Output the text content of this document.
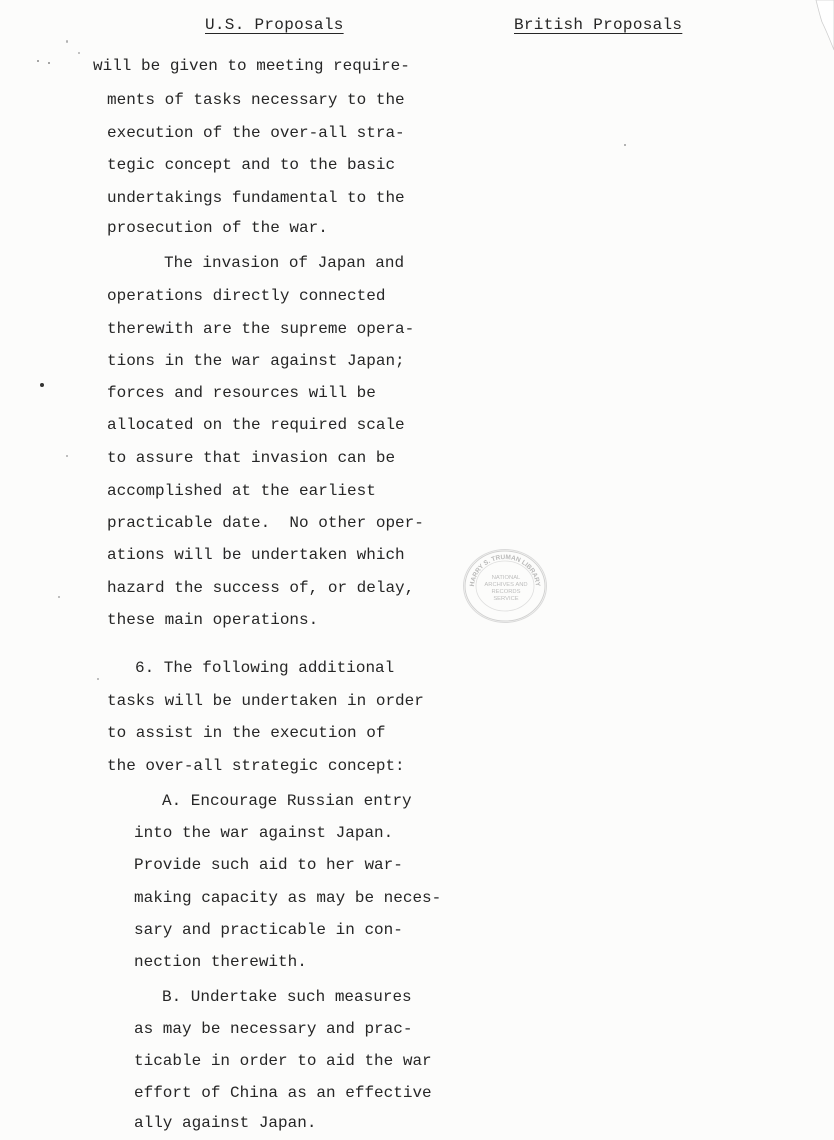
U.S. Proposals	British Proposals
will be given to meeting require-
ments of tasks necessary to the
execution of the over-all stra-
tegic concept and to the basic
undertakings fundamental to the
prosecution of the war.
The invasion of Japan and
operations directly connected
therewith are the supreme opera-
tions in the war against Japan;
forces and resources will be
allocated on the required scale
to assure that invasion can be
accomplished at the earliest
practicable date.  No other oper-
ations will be undertaken which
hazard the success of, or delay,
these main operations.
6. The following additional
tasks will be undertaken in order
to assist in the execution of
the over-all strategic concept:
A. Encourage Russian entry
into the war against Japan.
Provide such aid to her war-
making capacity as may be neces-
sary and practicable in con-
nection therewith.
B. Undertake such measures
as may be necessary and prac-
ticable in order to aid the war
effort of China as an effective
ally against Japan.
HARRY S. TRUMAN LIBRARY
NATIONAL
ARCHIVES AND
RECORDS
SERVICE
